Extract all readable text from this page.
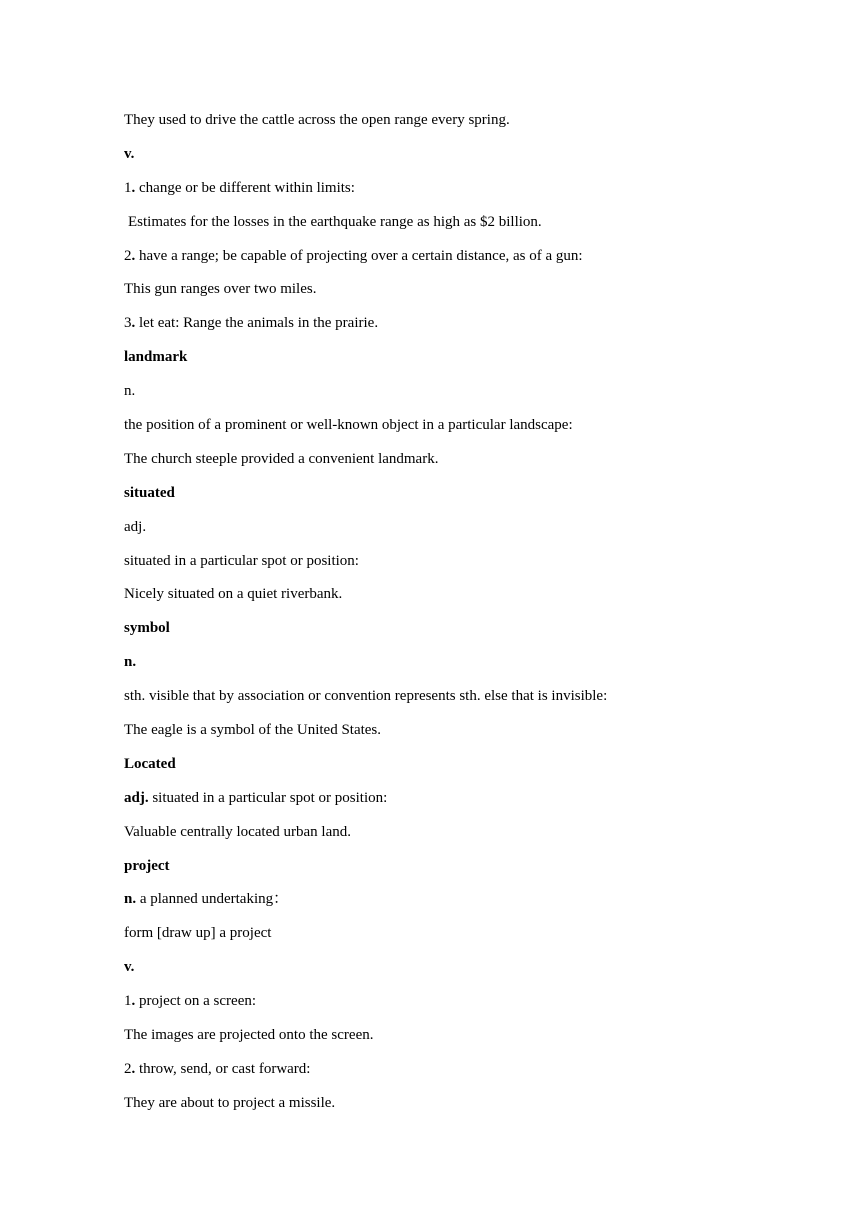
They used to drive the cattle across the open range every spring.
v.
1. change or be different within limits:
Estimates for the losses in the earthquake range as high as $2 billion.
2. have a range; be capable of projecting over a certain distance, as of a gun:
This gun ranges over two miles.
3. let eat: Range the animals in the prairie.
landmark
n.
the position of a prominent or well-known object in a particular landscape:
The church steeple provided a convenient landmark.
situated
adj.
situated in a particular spot or position:
Nicely situated on a quiet riverbank.
symbol
n.
sth. visible that by association or convention represents sth. else that is invisible:
The eagle is a symbol of the United States.
Located
adj. situated in a particular spot or position:
Valuable centrally located urban land.
project
n. a planned undertaking：
form [draw up] a project
v.
1. project on a screen:
The images are projected onto the screen.
2. throw, send, or cast forward:
They are about to project a missile.
